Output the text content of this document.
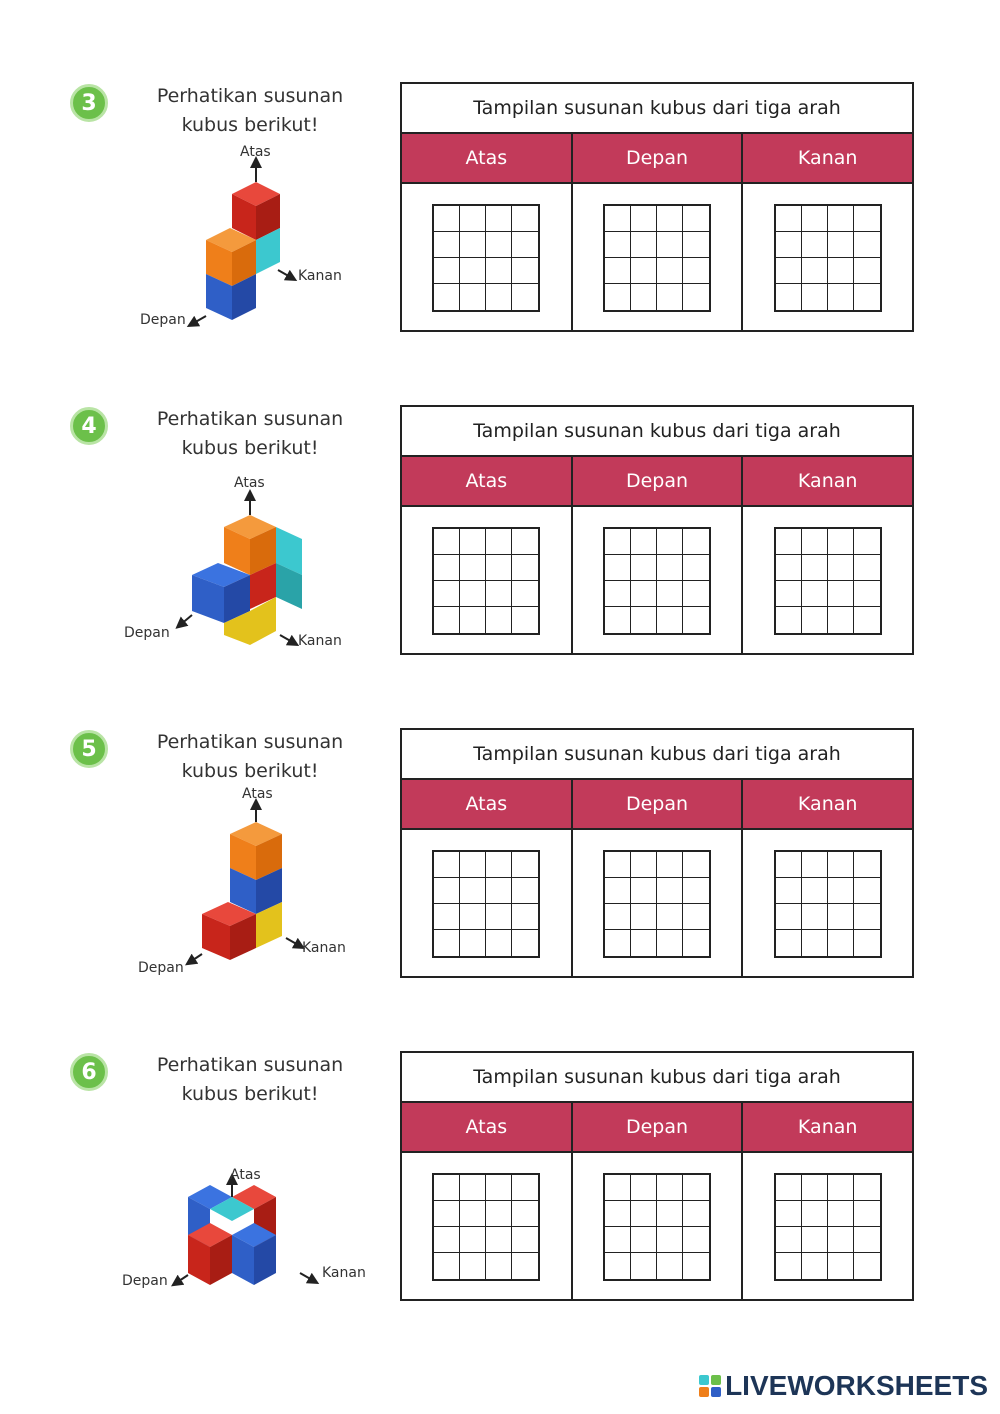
3	Perhatikan susunan kubus berikut!
Atas
Kanan
Depan
Tampilan susunan kubus dari tiga arah
Atas	Depan	Kanan
4	Perhatikan susunan kubus berikut!
Atas
Kanan
Depan
Tampilan susunan kubus dari tiga arah
Atas	Depan	Kanan
5	Perhatikan susunan kubus berikut!
Atas
Kanan
Depan
Tampilan susunan kubus dari tiga arah
Atas	Depan	Kanan
6	Perhatikan susunan kubus berikut!
Atas
Kanan
Depan
Tampilan susunan kubus dari tiga arah
Atas	Depan	Kanan
LIVEWORKSHEETS
